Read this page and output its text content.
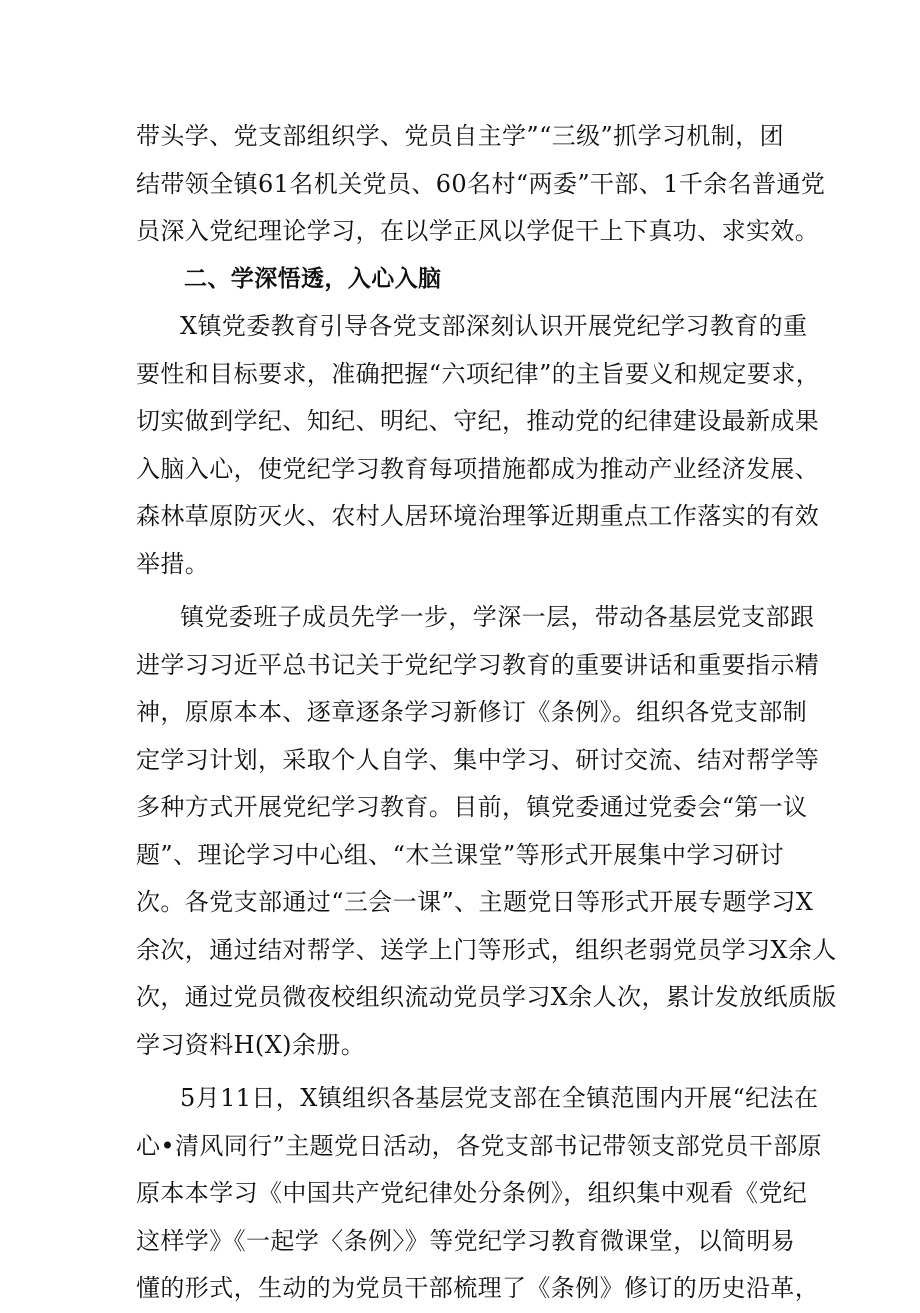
带头学、党支部组织学、党员自主学”“三级”抓学习机制，团
结带领全镇61名机关党员、60名村“两委”干部、1千余名普通党
员深入党纪理论学习，在以学正风以学促干上下真功、求实效。
二、学深悟透，入心入脑
X镇党委教育引导各党支部深刻认识开展党纪学习教育的重
要性和目标要求，准确把握“六项纪律”的主旨要义和规定要求，
切实做到学纪、知纪、明纪、守纪，推动党的纪律建设最新成果
入脑入心，使党纪学习教育每项措施都成为推动产业经济发展、
森林草原防灭火、农村人居环境治理筝近期重点工作落实的有效
举措。
镇党委班子成员先学一步，学深一层，带动各基层党支部跟
进学习习近平总书记关于党纪学习教育的重要讲话和重要指示精
神，原原本本、逐章逐条学习新修订《条例》。组织各党支部制
定学习计划，采取个人自学、集中学习、研讨交流、结对帮学等
多种方式开展党纪学习教育。目前，镇党委通过党委会“第一议
题”、理论学习中心组、“木兰课堂”等形式开展集中学习研讨
次。各党支部通过“三会一课”、主题党日等形式开展专题学习X
余次，通过结对帮学、送学上门等形式，组织老弱党员学习X余人
次，通过党员微夜校组织流动党员学习X余人次，累计发放纸质版
学习资料H(X)余册。
5月11日，X镇组织各基层党支部在全镇范围内开展“纪法在
心•清风同行”主题党日活动，各党支部书记带领支部党员干部原
原本本学习《中国共产党纪律处分条例》，组织集中观看《党纪
这样学》《一起学〈条例〉》等党纪学习教育微课堂，以简明易
懂的形式，生动的为党员干部梳理了《条例》修订的历史沿革，
